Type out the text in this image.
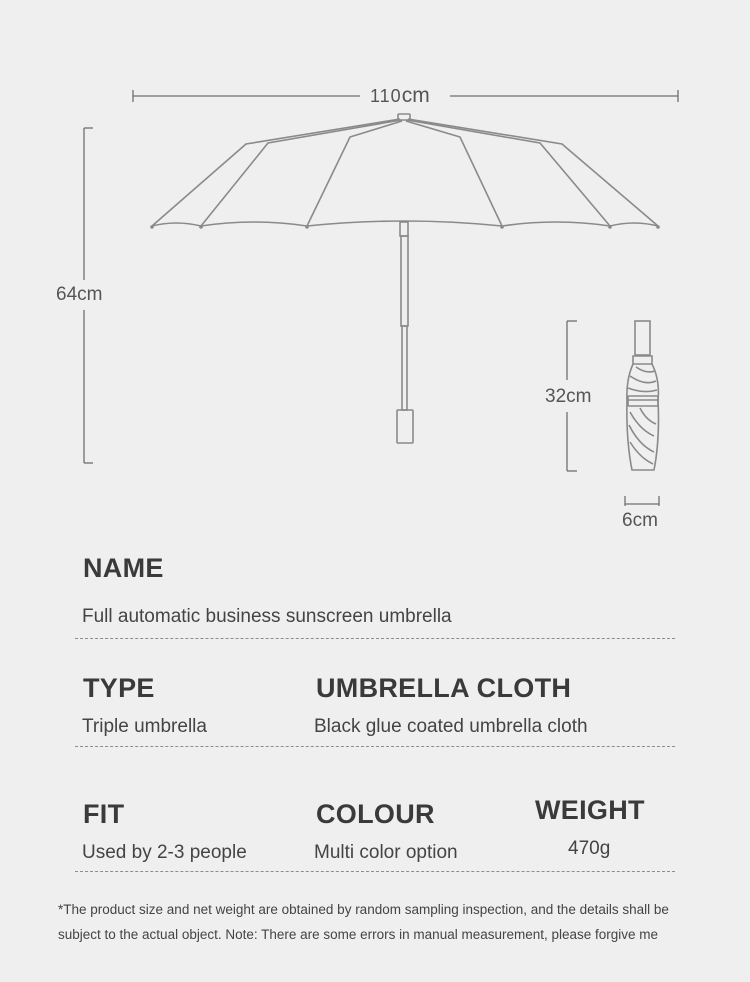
110cm
64cm
32cm
6cm
NAME
Full automatic business sunscreen umbrella
TYPE
Triple umbrella
UMBRELLA CLOTH
Black glue coated umbrella cloth
FIT
Used by 2-3 people
COLOUR
Multi color option
WEIGHT
470g
*The product size and net weight are obtained by random sampling inspection, and the details shall be
subject to the actual object. Note: There are some errors in manual measurement, please forgive me
